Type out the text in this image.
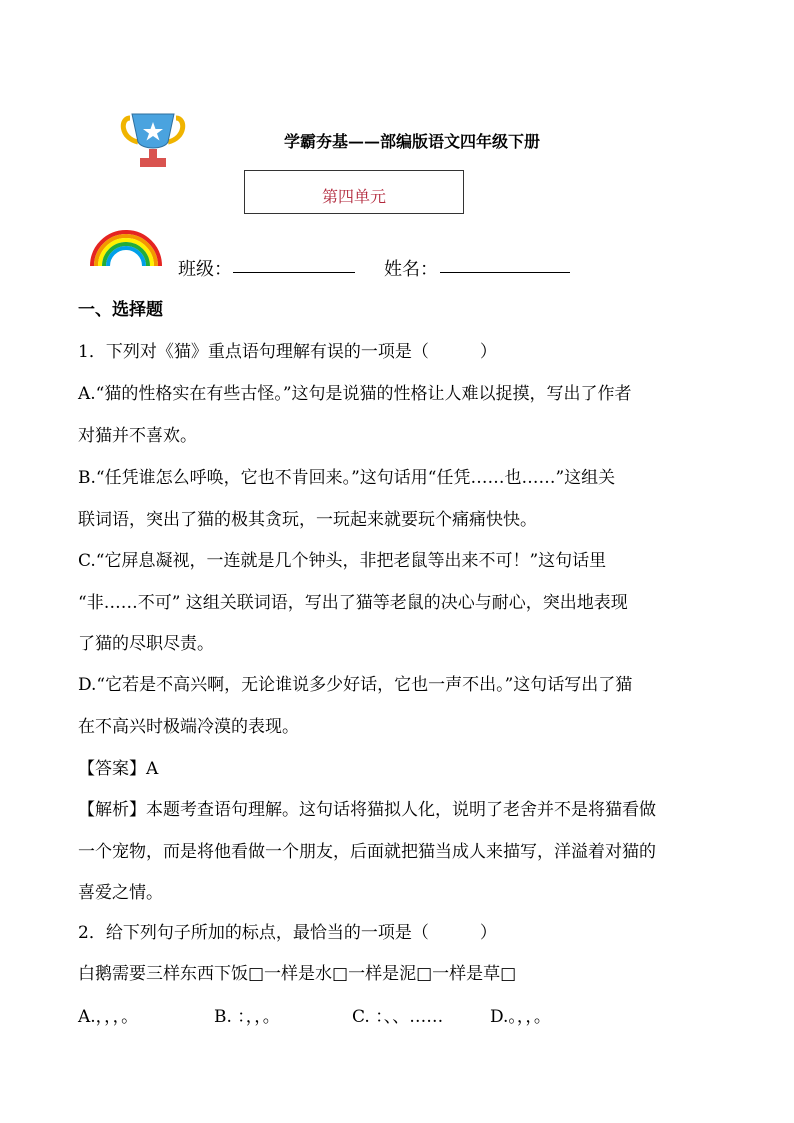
学霸夯基——部编版语文四年级下册
第四单元
班级：	姓名：
一、选择题
1．下列对《猫》重点语句理解有误的一项是（　　　）
A.“猫的性格实在有些古怪。”这句是说猫的性格让人难以捉摸，写出了作者
对猫并不喜欢。
B.“任凭谁怎么呼唤，它也不肯回来。”这句话用“任凭……也……”这组关
联词语，突出了猫的极其贪玩，一玩起来就要玩个痛痛快快。
C.“它屏息凝视，一连就是几个钟头，非把老鼠等出来不可！”这句话里
“非……不可” 这组关联词语，写出了猫等老鼠的决心与耐心，突出地表现
了猫的尽职尽责。
D.“它若是不高兴啊，无论谁说多少好话，它也一声不出。”这句话写出了猫
在不高兴时极端冷漠的表现。
【答案】A
【解析】本题考查语句理解。这句话将猫拟人化，说明了老舍并不是将猫看做
一个宠物，而是将他看做一个朋友，后面就把猫当成人来描写，洋溢着对猫的
喜爱之情。
2．给下列句子所加的标点，最恰当的一项是（　　　）
白鹅需要三样东西下饭□一样是水□一样是泥□一样是草□
A.，，，。	B. ：，，。	C. ：、、……	D.。，，。
